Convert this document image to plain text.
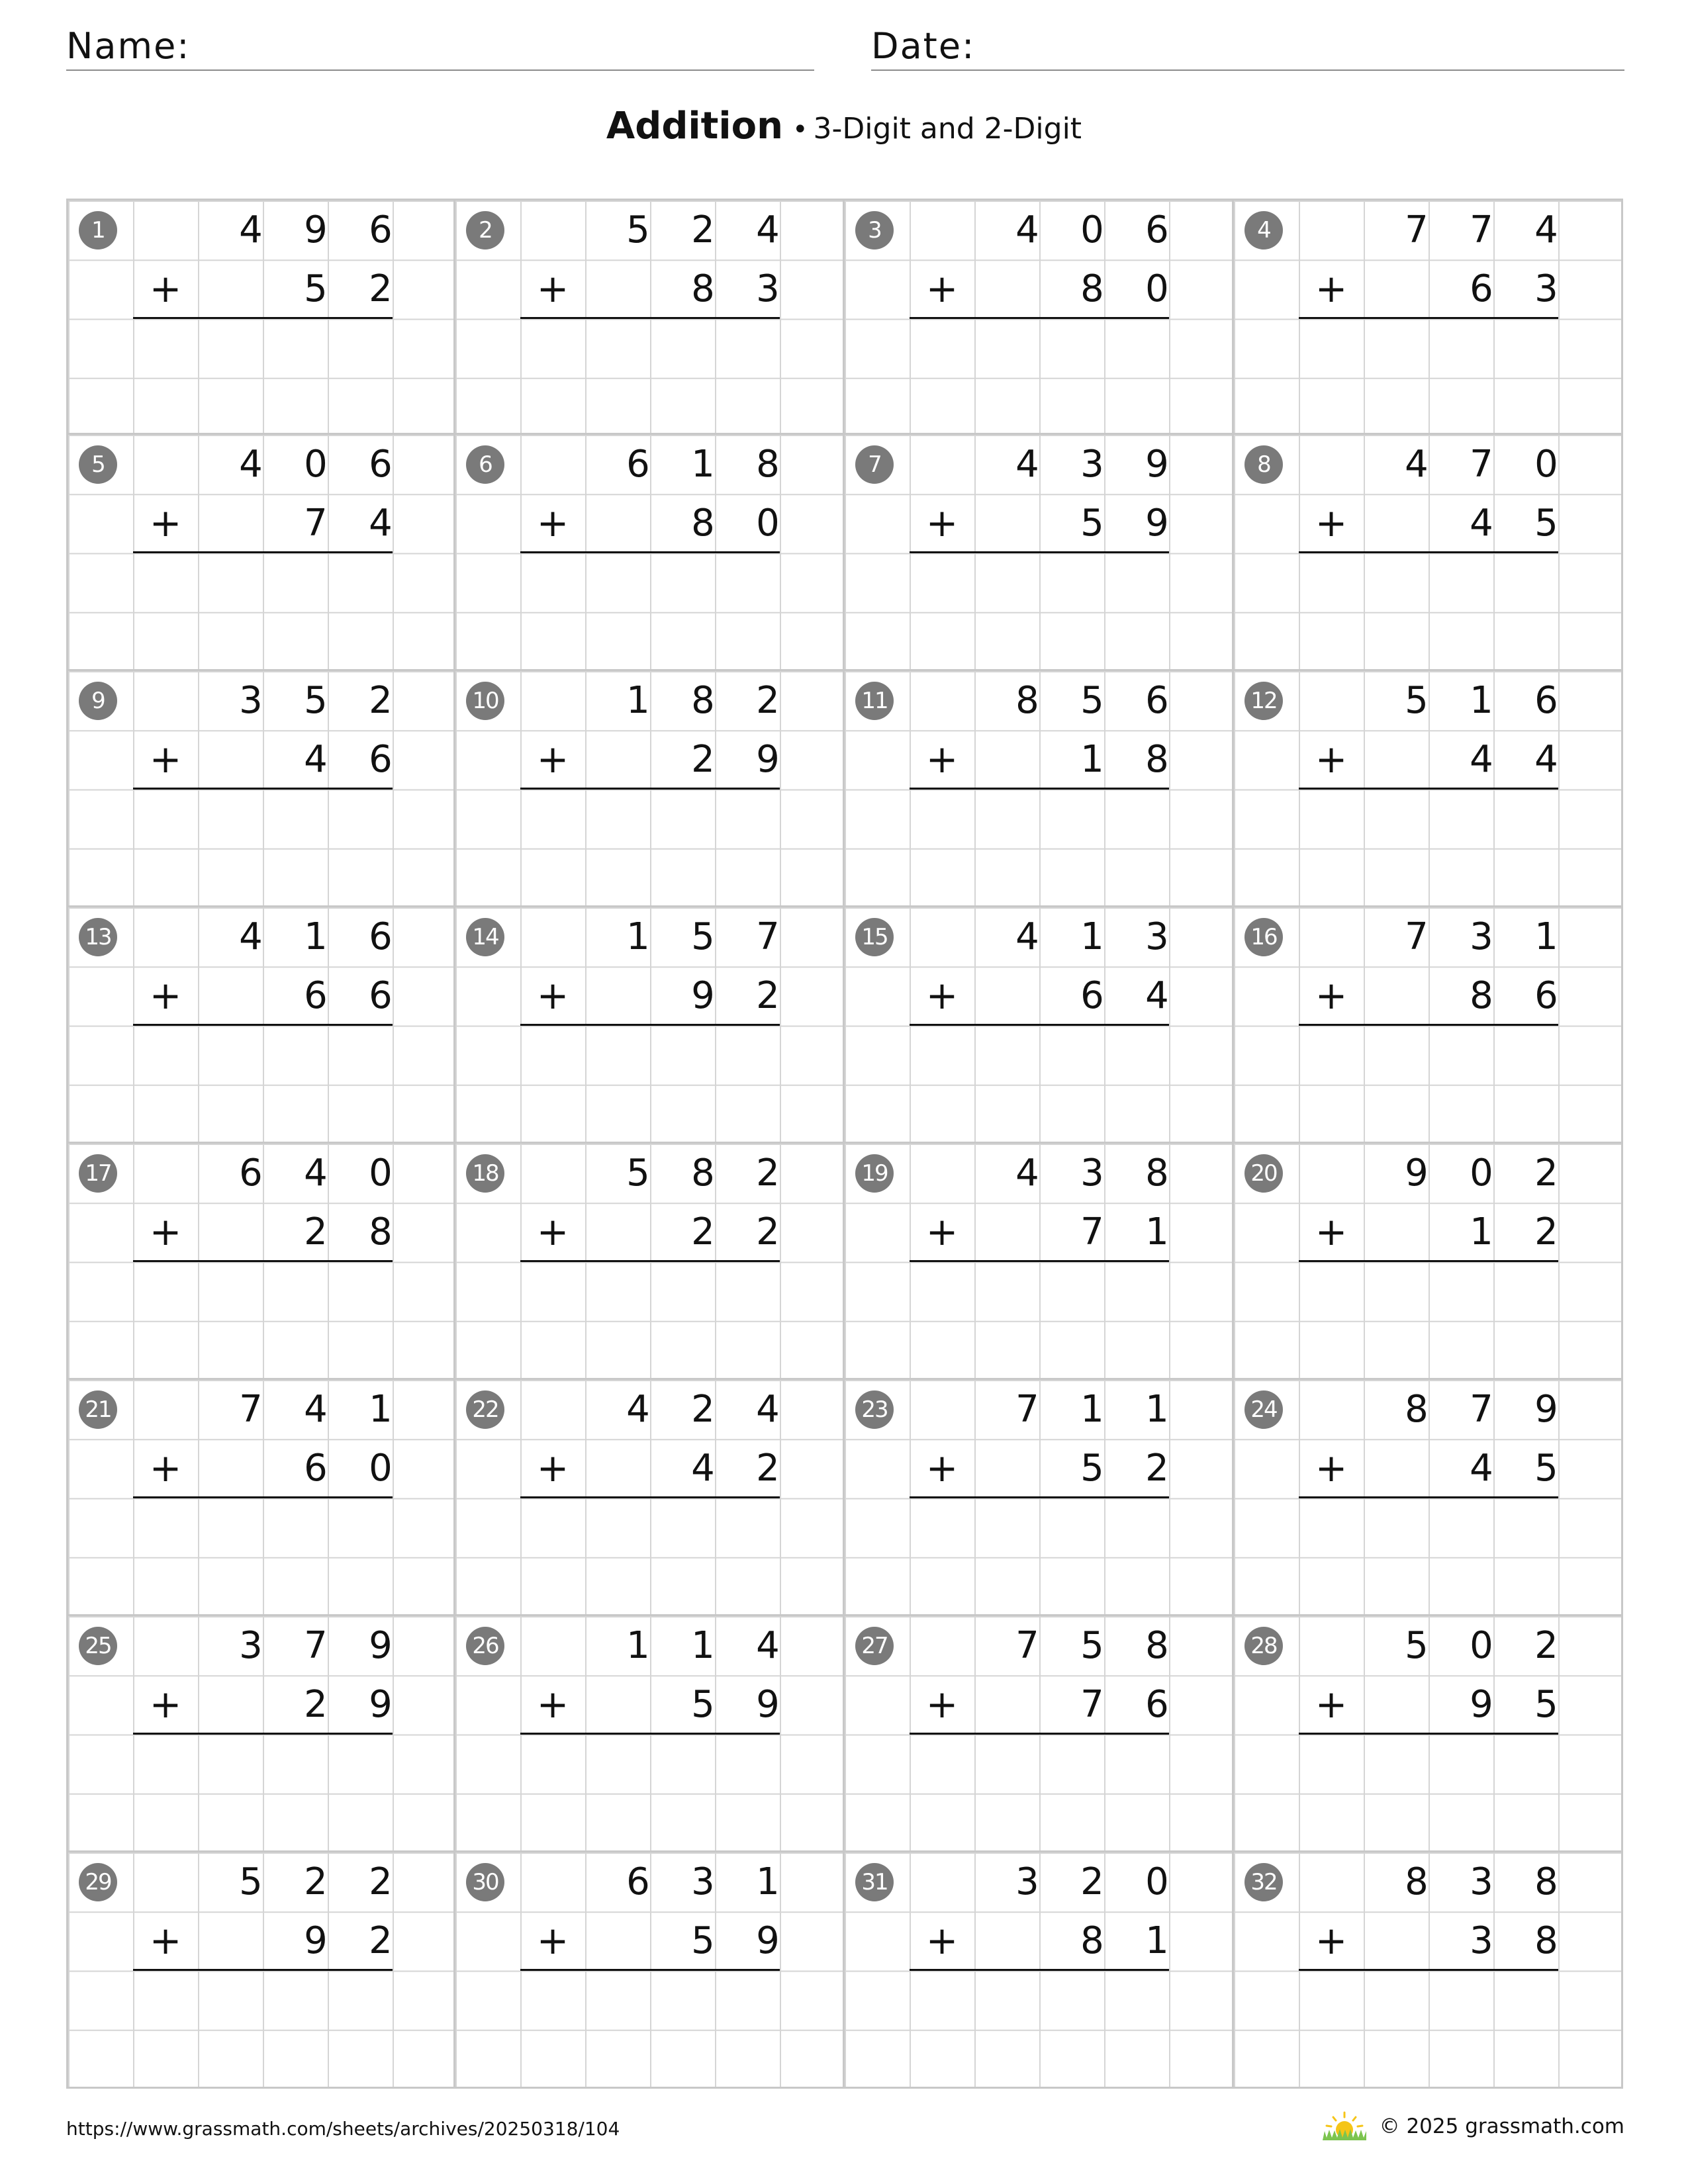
Name:	Date:
Addition • 3-Digit and 2-Digit
1	4	9	6
+	5	2
2	5	2	4
+	8	3
3	4	0	6
+	8	0
4	7	7	4
+	6	3
5	4	0	6
+	7	4
6	6	1	8
+	8	0
7	4	3	9
+	5	9
8	4	7	0
+	4	5
9	3	5	2
+	4	6
10	1	8	2
+	2	9
11	8	5	6
+	1	8
12	5	1	6
+	4	4
13	4	1	6
+	6	6
14	1	5	7
+	9	2
15	4	1	3
+	6	4
16	7	3	1
+	8	6
17	6	4	0
+	2	8
18	5	8	2
+	2	2
19	4	3	8
+	7	1
20	9	0	2
+	1	2
21	7	4	1
+	6	0
22	4	2	4
+	4	2
23	7	1	1
+	5	2
24	8	7	9
+	4	5
25	3	7	9
+	2	9
26	1	1	4
+	5	9
27	7	5	8
+	7	6
28	5	0	2
+	9	5
29	5	2	2
+	9	2
30	6	3	1
+	5	9
31	3	2	0
+	8	1
32	8	3	8
+	3	8
https://www.grassmath.com/sheets/archives/20250318/104	© 2025 grassmath.com
